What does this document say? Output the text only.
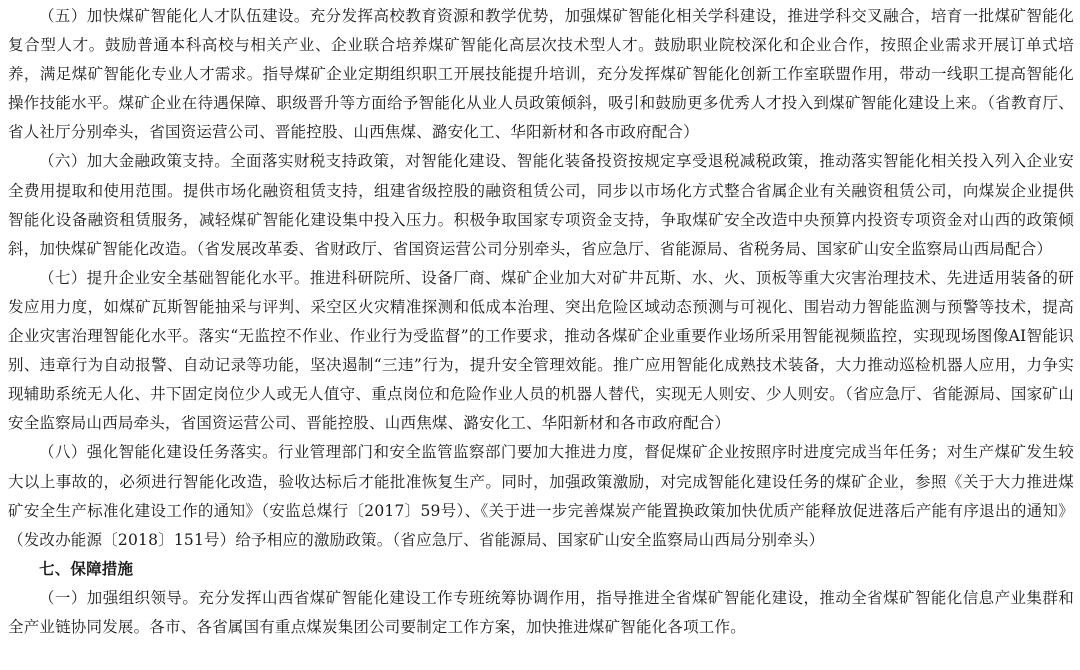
（五）加快煤矿智能化人才队伍建设。充分发挥高校教育资源和教学优势，加强煤矿智能化相关学科建设，推进学科交叉融合，培育一批煤矿智能化复合型人才。鼓励普通本科高校与相关产业、企业联合培养煤矿智能化高层次技术型人才。鼓励职业院校深化和企业合作，按照企业需求开展订单式培养，满足煤矿智能化专业人才需求。指导煤矿企业定期组织职工开展技能提升培训，充分发挥煤矿智能化创新工作室联盟作用，带动一线职工提高智能化操作技能水平。煤矿企业在待遇保障、职级晋升等方面给予智能化从业人员政策倾斜，吸引和鼓励更多优秀人才投入到煤矿智能化建设上来。（省教育厅、省人社厅分别牵头，省国资运营公司、晋能控股、山西焦煤、潞安化工、华阳新材和各市政府配合）

（六）加大金融政策支持。全面落实财税支持政策，对智能化建设、智能化装备投资按规定享受退税减税政策，推动落实智能化相关投入列入企业安全费用提取和使用范围。提供市场化融资租赁支持，组建省级控股的融资租赁公司，同步以市场化方式整合省属企业有关融资租赁公司，向煤炭企业提供智能化设备融资租赁服务，减轻煤矿智能化建设集中投入压力。积极争取国家专项资金支持，争取煤矿安全改造中央预算内投资专项资金对山西的政策倾斜，加快煤矿智能化改造。（省发展改革委、省财政厅、省国资运营公司分别牵头，省应急厅、省能源局、省税务局、国家矿山安全监察局山西局配合）

（七）提升企业安全基础智能化水平。推进科研院所、设备厂商、煤矿企业加大对矿井瓦斯、水、火、顶板等重大灾害治理技术、先进适用装备的研发应用力度，如煤矿瓦斯智能抽采与评判、采空区火灾精准探测和低成本治理、突出危险区域动态预测与可视化、围岩动力智能监测与预警等技术，提高企业灾害治理智能化水平。落实“无监控不作业、作业行为受监督”的工作要求，推动各煤矿企业重要作业场所采用智能视频监控，实现现场图像AI智能识别、违章行为自动报警、自动记录等功能，坚决遏制“三违”行为，提升安全管理效能。推广应用智能化成熟技术装备，大力推动巡检机器人应用，力争实现辅助系统无人化、井下固定岗位少人或无人值守、重点岗位和危险作业人员的机器人替代，实现无人则安、少人则安。（省应急厅、省能源局、国家矿山安全监察局山西局牵头，省国资运营公司、晋能控股、山西焦煤、潞安化工、华阳新材和各市政府配合）

（八）强化智能化建设任务落实。行业管理部门和安全监管监察部门要加大推进力度，督促煤矿企业按照序时进度完成当年任务；对生产煤矿发生较大以上事故的，必须进行智能化改造，验收达标后才能批准恢复生产。同时，加强政策激励，对完成智能化建设任务的煤矿企业，参照《关于大力推进煤矿安全生产标准化建设工作的通知》（安监总煤行〔2017〕59号）、《关于进一步完善煤炭产能置换政策加快优质产能释放促进落后产能有序退出的通知》（发改办能源〔2018〕151号）给予相应的激励政策。（省应急厅、省能源局、国家矿山安全监察局山西局分别牵头）

七、保障措施

（一）加强组织领导。充分发挥山西省煤矿智能化建设工作专班统筹协调作用，指导推进全省煤矿智能化建设，推动全省煤矿智能化信息产业集群和全产业链协同发展。各市、各省属国有重点煤炭集团公司要制定工作方案，加快推进煤矿智能化各项工作。
